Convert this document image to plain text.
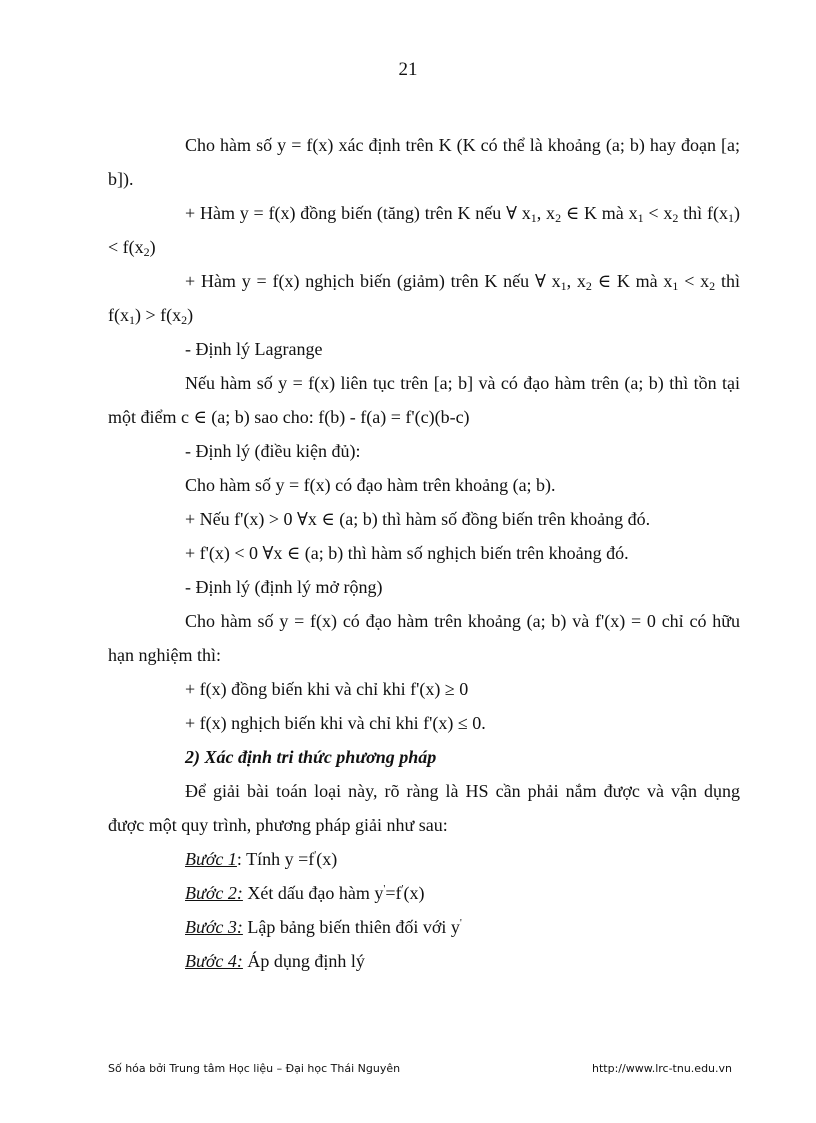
21

Cho hàm số y = f(x) xác định trên K (K có thể là khoảng (a; b) hay đoạn [a; b]).

+ Hàm y = f(x) đồng biến (tăng) trên K nếu ∀ $x_1$, $x_2$ ∈ K mà $x_1 < x_2$ thì $f(x_1) < f(x_2)$

+ Hàm y = f(x) nghịch biến (giảm) trên K nếu ∀ $x_1$, $x_2$ ∈ K mà $x_1 < x_2$ thì $f(x_1) > f(x_2)$

- Định lý Lagrange

Nếu hàm số y = f(x) liên tục trên [a; b] và có đạo hàm trên (a; b) thì tồn tại một điểm c ∈ (a; b) sao cho: f(b) - f(a) = f'(c)(b-c)

- Định lý (điều kiện đủ):

Cho hàm số y = f(x) có đạo hàm trên khoảng (a; b).

+ Nếu f'(x) > 0 ∀x ∈ (a; b) thì hàm số đồng biến trên khoảng đó.

+ f'(x) < 0 ∀x ∈ (a; b) thì hàm số nghịch biến trên khoảng đó.

- Định lý (định lý mở rộng)

Cho hàm số y = f(x) có đạo hàm trên khoảng (a; b) và f'(x) = 0 chỉ có hữu hạn nghiệm thì:

+ f(x) đồng biến khi và chỉ khi f'(x) ≥ 0

+ f(x) nghịch biến khi và chỉ khi f'(x) ≤ 0.

2) Xác định tri thức phương pháp

Để giải bài toán loại này, rõ ràng là HS cần phải nắm được và vận dụng được một quy trình, phương pháp giải như sau:

Bước 1: Tính y =f'(x)

Bước 2: Xét dấu đạo hàm y'=f'(x)

Bước 3: Lập bảng biến thiên đối với y'

Bước 4: Áp dụng định lý

Số hóa bởi Trung tâm Học liệu – Đại học Thái Nguyên	http://www.lrc-tnu.edu.vn
